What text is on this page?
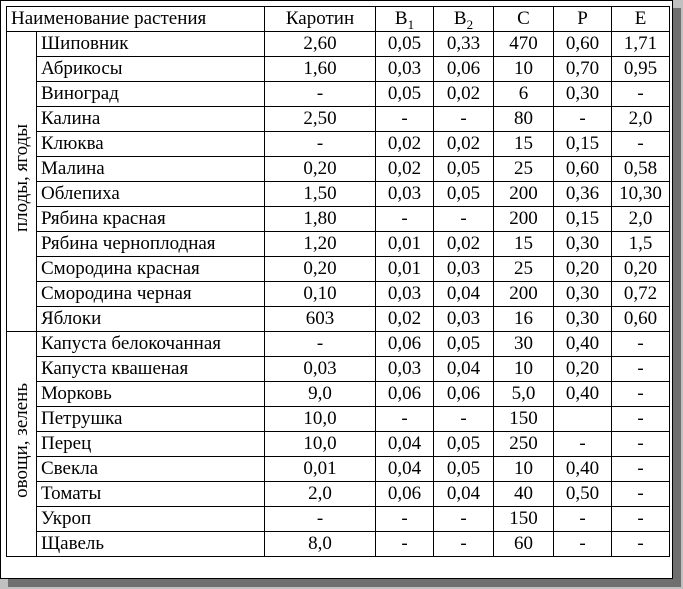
Наименование растения		Каротин	$B_1$	$B_2$	C	P	E
плоды, ягоды	Шиповник	2,60	0,05	0,33	470	0,60	1,71
	Абрикосы	1,60	0,03	0,06	10	0,70	0,95
	Виноград	-	0,05	0,02	6	0,30	-
	Калина	2,50	-	-	80	-	2,0
	Клюква	-	0,02	0,02	15	0,15	-
	Малина	0,20	0,02	0,05	25	0,60	0,58
	Облепиха	1,50	0,03	0,05	200	0,36	10,30
	Рябина красная	1,80	-	-	200	0,15	2,0
	Рябина черноплодная	1,20	0,01	0,02	15	0,30	1,5
	Смородина красная	0,20	0,01	0,03	25	0,20	0,20
	Смородина черная	0,10	0,03	0,04	200	0,30	0,72
	Яблоки	603	0,02	0,03	16	0,30	0,60
овощи, зелень	Капуста белокочанная	-	0,06	0,05	30	0,40	-
	Капуста квашеная	0,03	0,03	0,04	10	0,20	-
	Морковь	9,0	0,06	0,06	5,0	0,40	-
	Петрушка	10,0	-	-	150		-
	Перец	10,0	0,04	0,05	250	-	-
	Свекла	0,01	0,04	0,05	10	0,40	-
	Томаты	2,0	0,06	0,04	40	0,50	-
	Укроп	-	-	-	150	-	-
	Щавель	8,0	-	-	60	-	-
